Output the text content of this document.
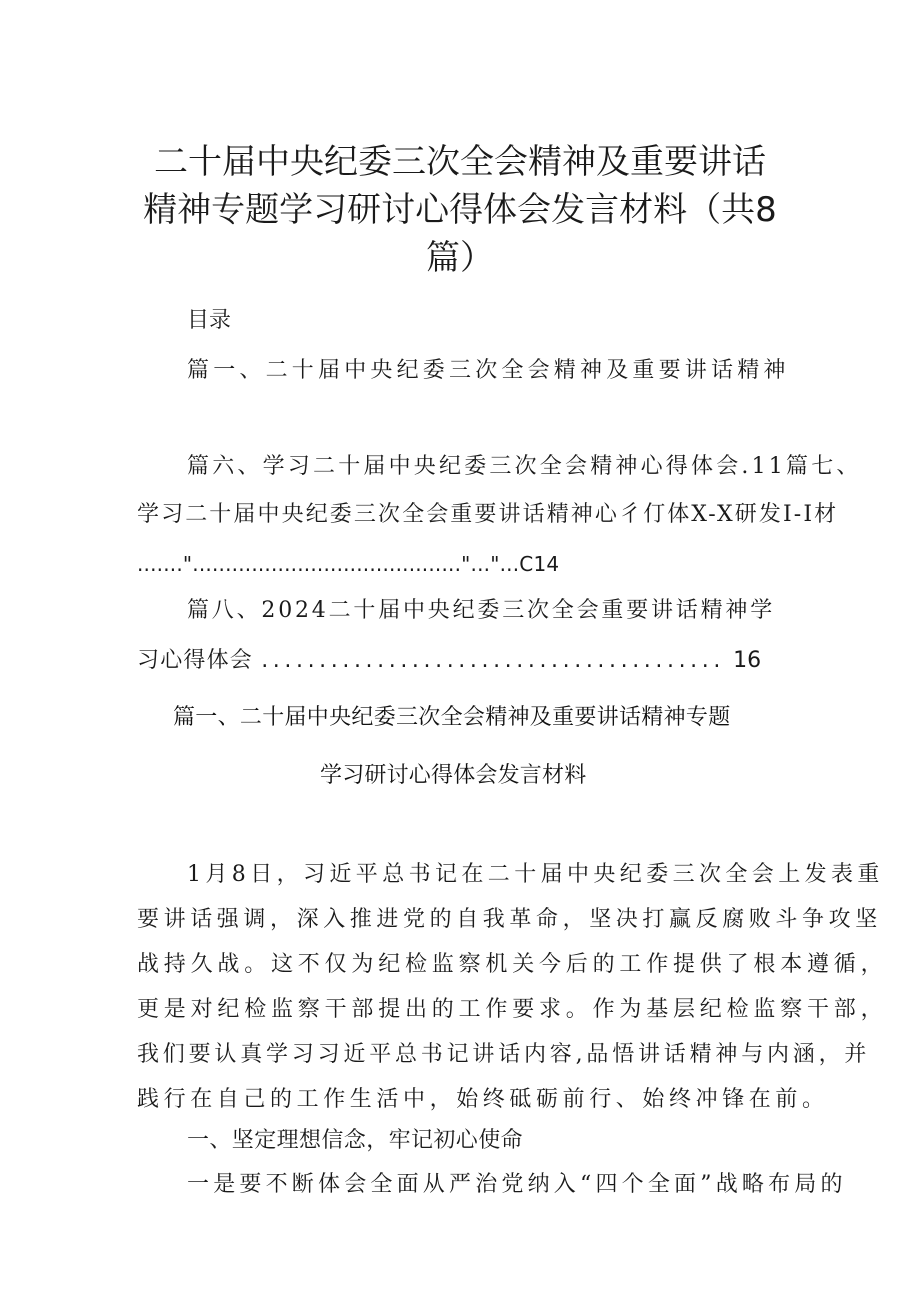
二十届中央纪委三次全会精神及重要讲话
精神专题学习研讨心得体会发言材料（共8
篇）
目录
篇一、二十届中央纪委三次全会精神及重要讲话精神
篇六、学习二十届中央纪委三次全会精神心得体会.11篇七、
学习二十届中央纪委三次全会重要讲话精神心彳仃体X-X研发I-I材
......."........................................."..."...C14
篇八、2024二十届中央纪委三次全会重要讲话精神学
习心得体会 ........................................ 16
篇一、二十届中央纪委三次全会精神及重要讲话精神专题
学习研讨心得体会发言材料
1月8日，习近平总书记在二十届中央纪委三次全会上发表重
要讲话强调，深入推进党的自我革命，坚决打赢反腐败斗争攻坚
战持久战。这不仅为纪检监察机关今后的工作提供了根本遵循，
更是对纪检监察干部提出的工作要求。作为基层纪检监察干部，
我们要认真学习习近平总书记讲话内容,品悟讲话精神与内涵，并
践行在自己的工作生活中，始终砥砺前行、始终冲锋在前。
一、坚定理想信念，牢记初心使命
一是要不断体会全面从严治党纳入“四个全面”战略布局的
